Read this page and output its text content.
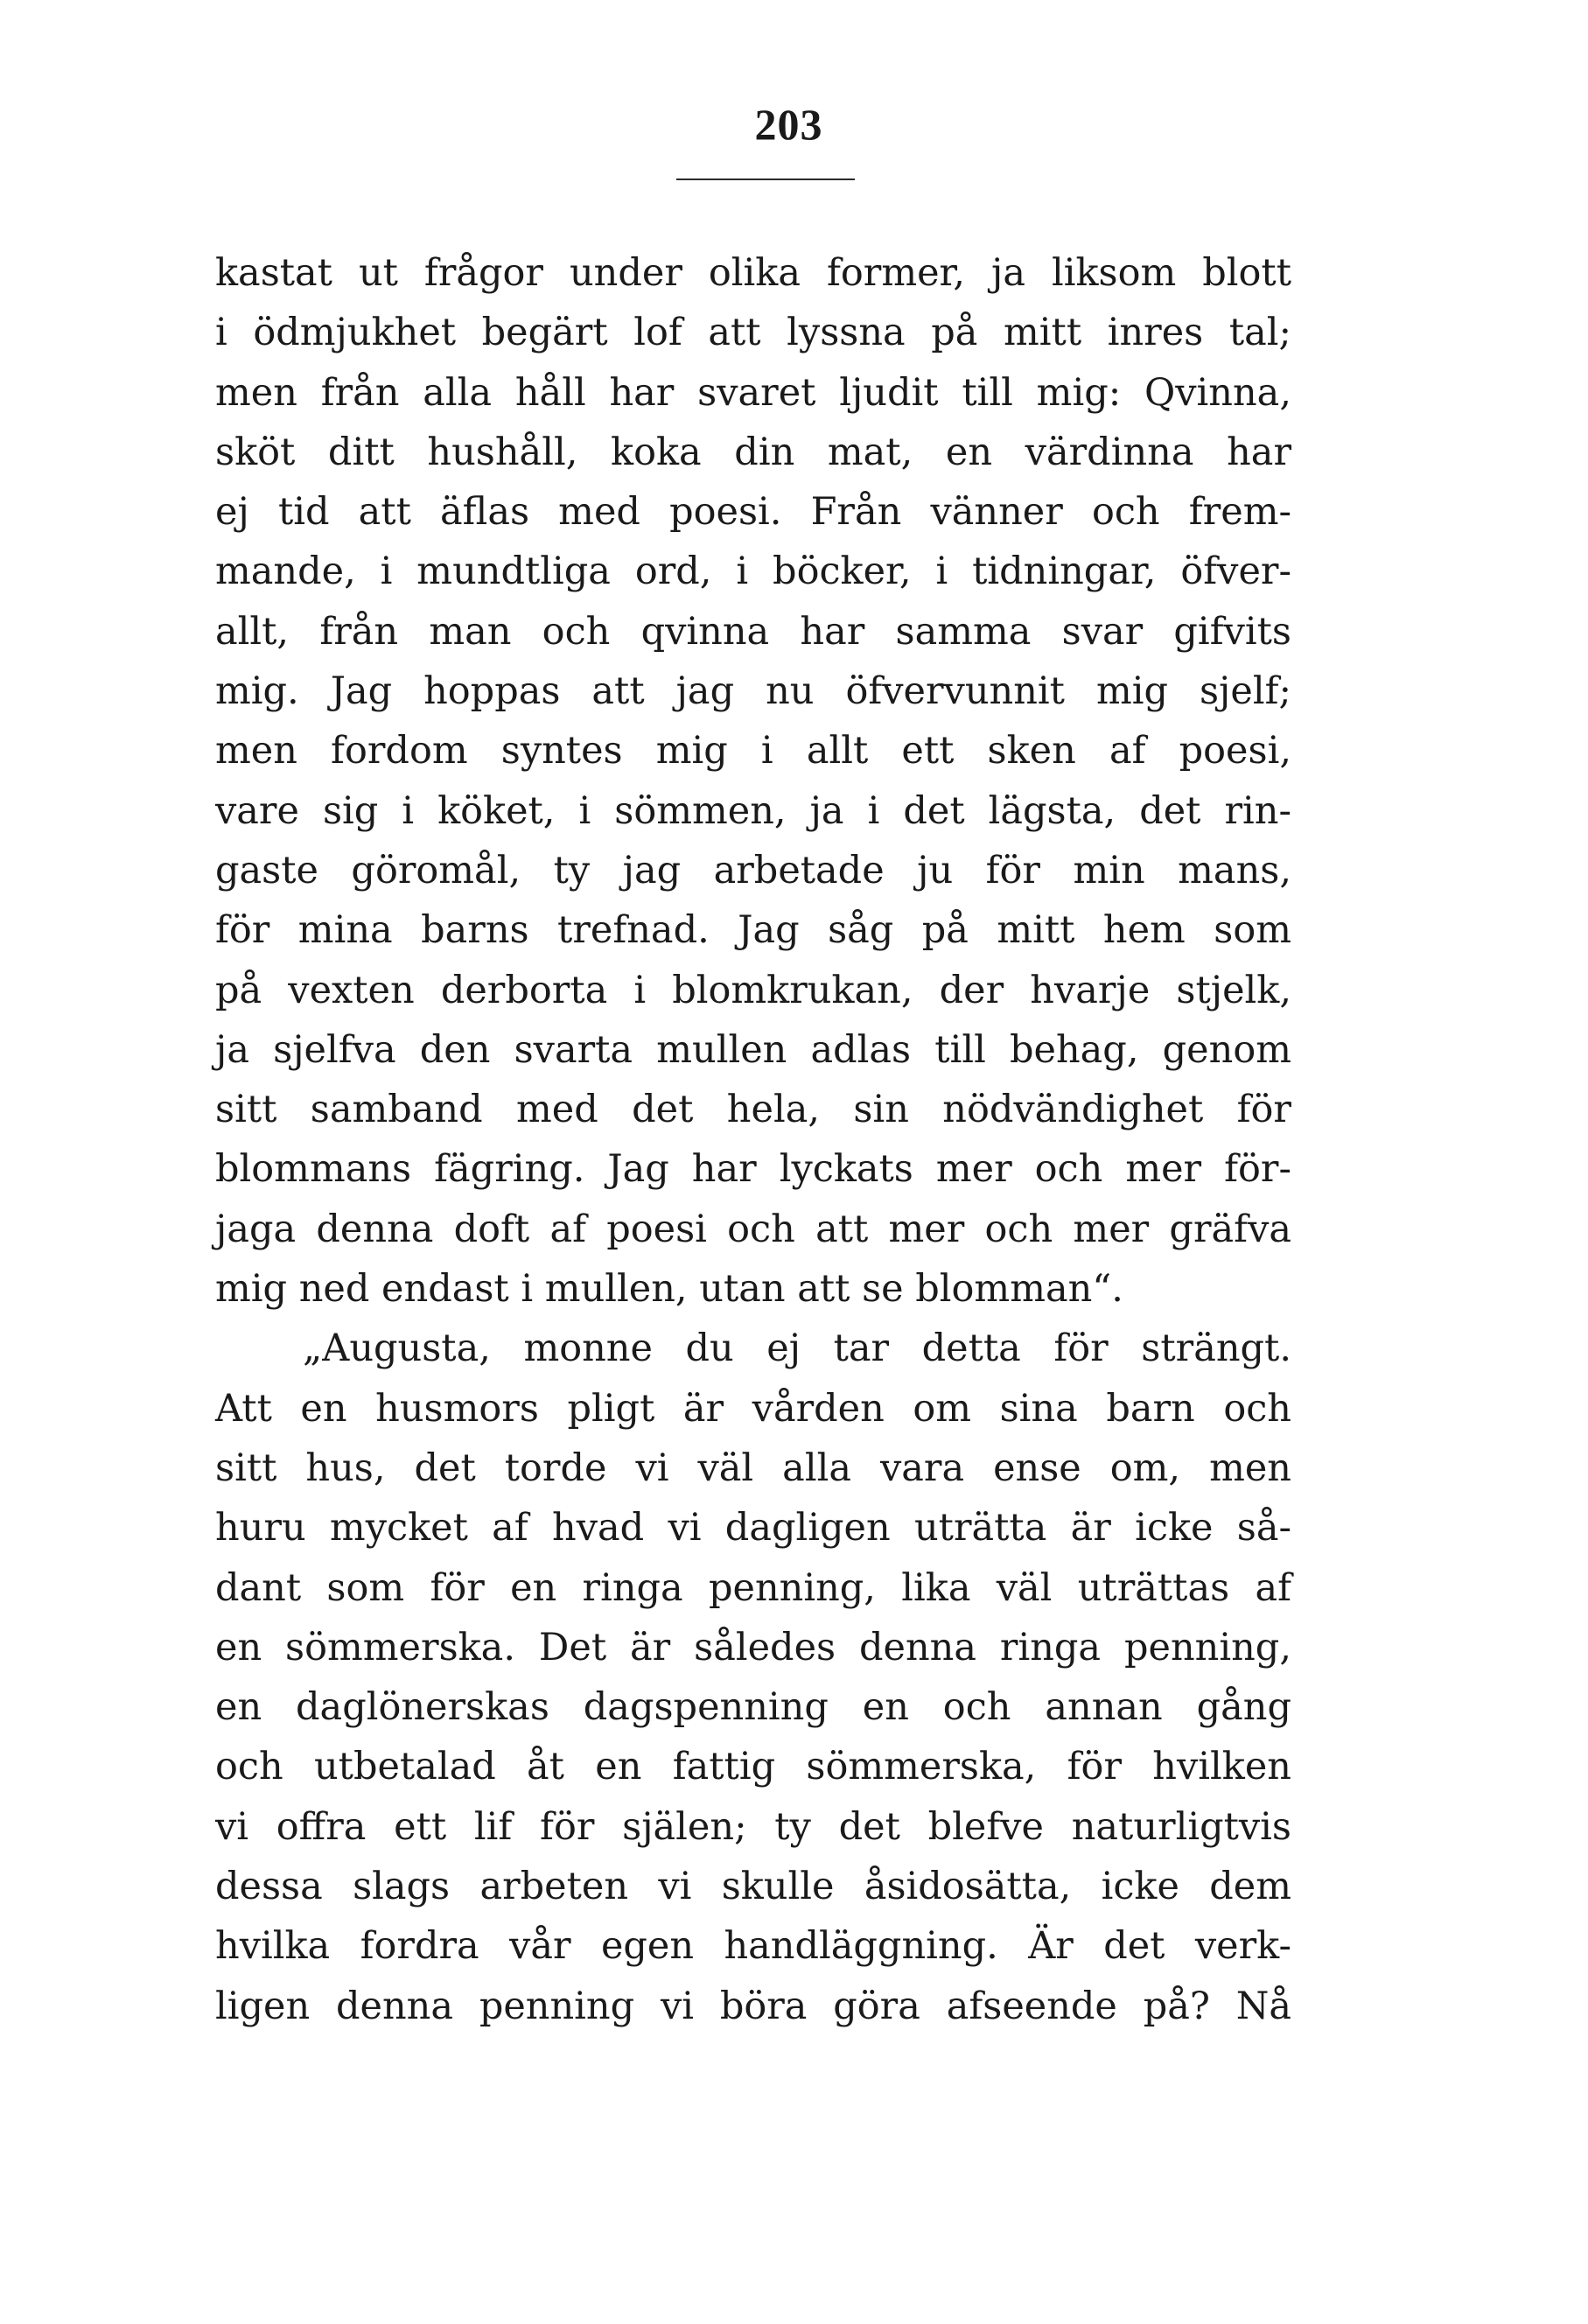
203
kastat ut frågor under olika former, ja liksom blott
i ödmjukhet begärt lof att lyssna på mitt inres tal;
men från alla håll har svaret ljudit till mig: Qvinna,
sköt ditt hushåll, koka din mat, en värdinna har
ej tid att äflas med poesi. Från vänner och frem-
mande, i mundtliga ord, i böcker, i tidningar, öfver-
allt, från man och qvinna har samma svar gifvits
mig. Jag hoppas att jag nu öfvervunnit mig sjelf;
men fordom syntes mig i allt ett sken af poesi,
vare sig i köket, i sömmen, ja i det lägsta, det rin-
gaste göromål, ty jag arbetade ju för min mans,
för mina barns trefnad. Jag såg på mitt hem som
på vexten derborta i blomkrukan, der hvarje stjelk,
ja sjelfva den svarta mullen adlas till behag, genom
sitt samband med det hela, sin nödvändighet för
blommans fägring. Jag har lyckats mer och mer för-
jaga denna doft af poesi och att mer och mer gräfva
mig ned endast i mullen, utan att se blomman“.
„Augusta, monne du ej tar detta för strängt.
Att en husmors pligt är vården om sina barn och
sitt hus, det torde vi väl alla vara ense om, men
huru mycket af hvad vi dagligen uträtta är icke så-
dant som för en ringa penning, lika väl uträttas af
en sömmerska. Det är således denna ringa penning,
en daglönerskas dagspenning en och annan gång
och utbetalad åt en fattig sömmerska, för hvilken
vi offra ett lif för själen; ty det blefve naturligtvis
dessa slags arbeten vi skulle åsidosätta, icke dem
hvilka fordra vår egen handläggning. Är det verk-
ligen denna penning vi böra göra afseende på? Nå
